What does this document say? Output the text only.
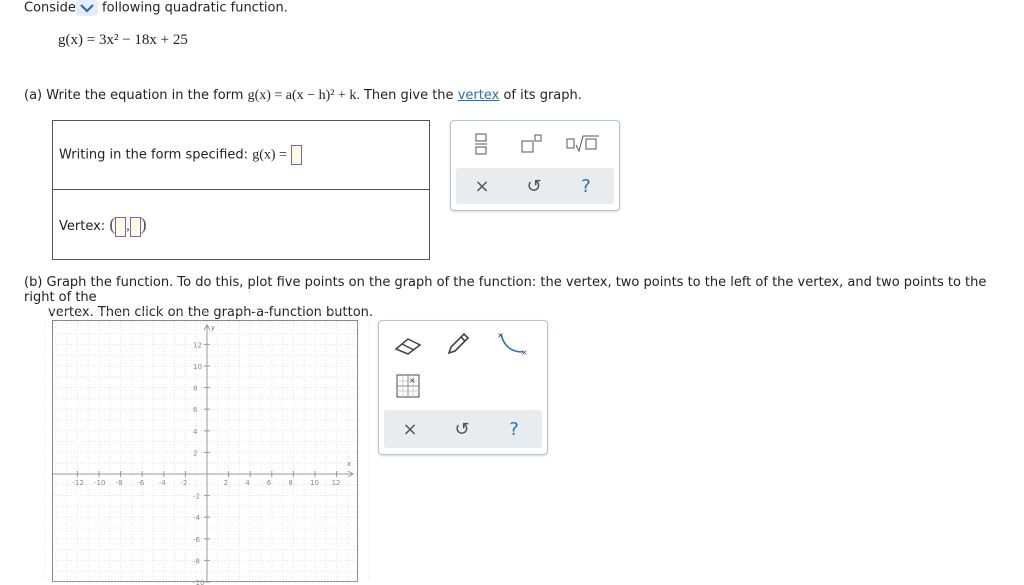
Conside following quadratic function.
g(x) = 3x² − 18x + 25
(a) Write the equation in the form g(x) = a(x − h)² + k. Then give the vertex of its graph.
Writing in the form specified: g(x) =
Vertex: ( , )
×	↺	?
(b) Graph the function. To do this, plot five points on the graph of the function: the vertex, two points to the left of the vertex, and two points to the right of the
vertex. Then click on the graph-a-function button.
x
y
-12 -10 -8 -6 -4 -2	2 4 6 8 10 12
12
10
8
6
4
2
-2
-4
-6
-8
-10
×
×
×
×	↺	?
